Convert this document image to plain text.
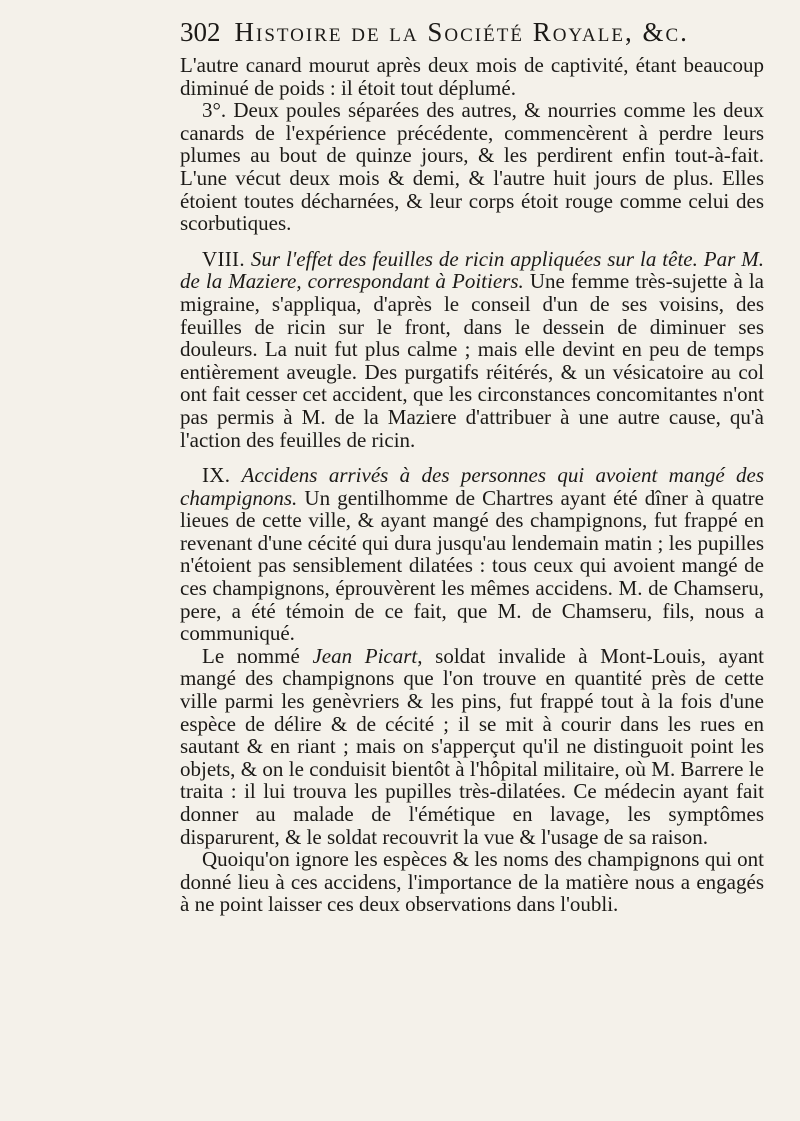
302 Histoire de la Société Royale, &c.

L'autre canard mourut après deux mois de captivité, étant beaucoup diminué de poids : il étoit tout déplumé.

3°. Deux poules séparées des autres, & nourries comme les deux canards de l'expérience précédente, commencèrent à perdre leurs plumes au bout de quinze jours, & les perdirent enfin tout-à-fait. L'une vécut deux mois & demi, & l'autre huit jours de plus. Elles étoient toutes décharnées, & leur corps étoit rouge comme celui des scorbutiques.

VIII. Sur l'effet des feuilles de ricin appliquées sur la tête. Par M. de la Maziere, correspondant à Poitiers. Une femme très-sujette à la migraine, s'appliqua, d'après le conseil d'un de ses voisins, des feuilles de ricin sur le front, dans le dessein de diminuer ses douleurs. La nuit fut plus calme ; mais elle devint en peu de temps entièrement aveugle. Des purgatifs réitérés, & un vésicatoire au col ont fait cesser cet accident, que les circonstances concomitantes n'ont pas permis à M. de la Maziere d'attribuer à une autre cause, qu'à l'action des feuilles de ricin.

IX. Accidens arrivés à des personnes qui avoient mangé des champignons. Un gentilhomme de Chartres ayant été dîner à quatre lieues de cette ville, & ayant mangé des champignons, fut frappé en revenant d'une cécité qui dura jusqu'au lendemain matin ; les pupilles n'étoient pas sensiblement dilatées : tous ceux qui avoient mangé de ces champignons, éprouvèrent les mêmes accidens. M. de Chamseru, pere, a été témoin de ce fait, que M. de Chamseru, fils, nous a communiqué.

Le nommé Jean Picart, soldat invalide à Mont-Louis, ayant mangé des champignons que l'on trouve en quantité près de cette ville parmi les genèvriers & les pins, fut frappé tout à la fois d'une espèce de délire & de cécité ; il se mit à courir dans les rues en sautant & en riant ; mais on s'apperçut qu'il ne distinguoit point les objets, & on le conduisit bientôt à l'hôpital militaire, où M. Barrere le traita : il lui trouva les pupilles très-dilatées. Ce médecin ayant fait donner au malade de l'émétique en lavage, les symptômes disparurent, & le soldat recouvrit la vue & l'usage de sa raison.

Quoiqu'on ignore les espèces & les noms des champignons qui ont donné lieu à ces accidens, l'importance de la matière nous a engagés à ne point laisser ces deux observations dans l'oubli.
